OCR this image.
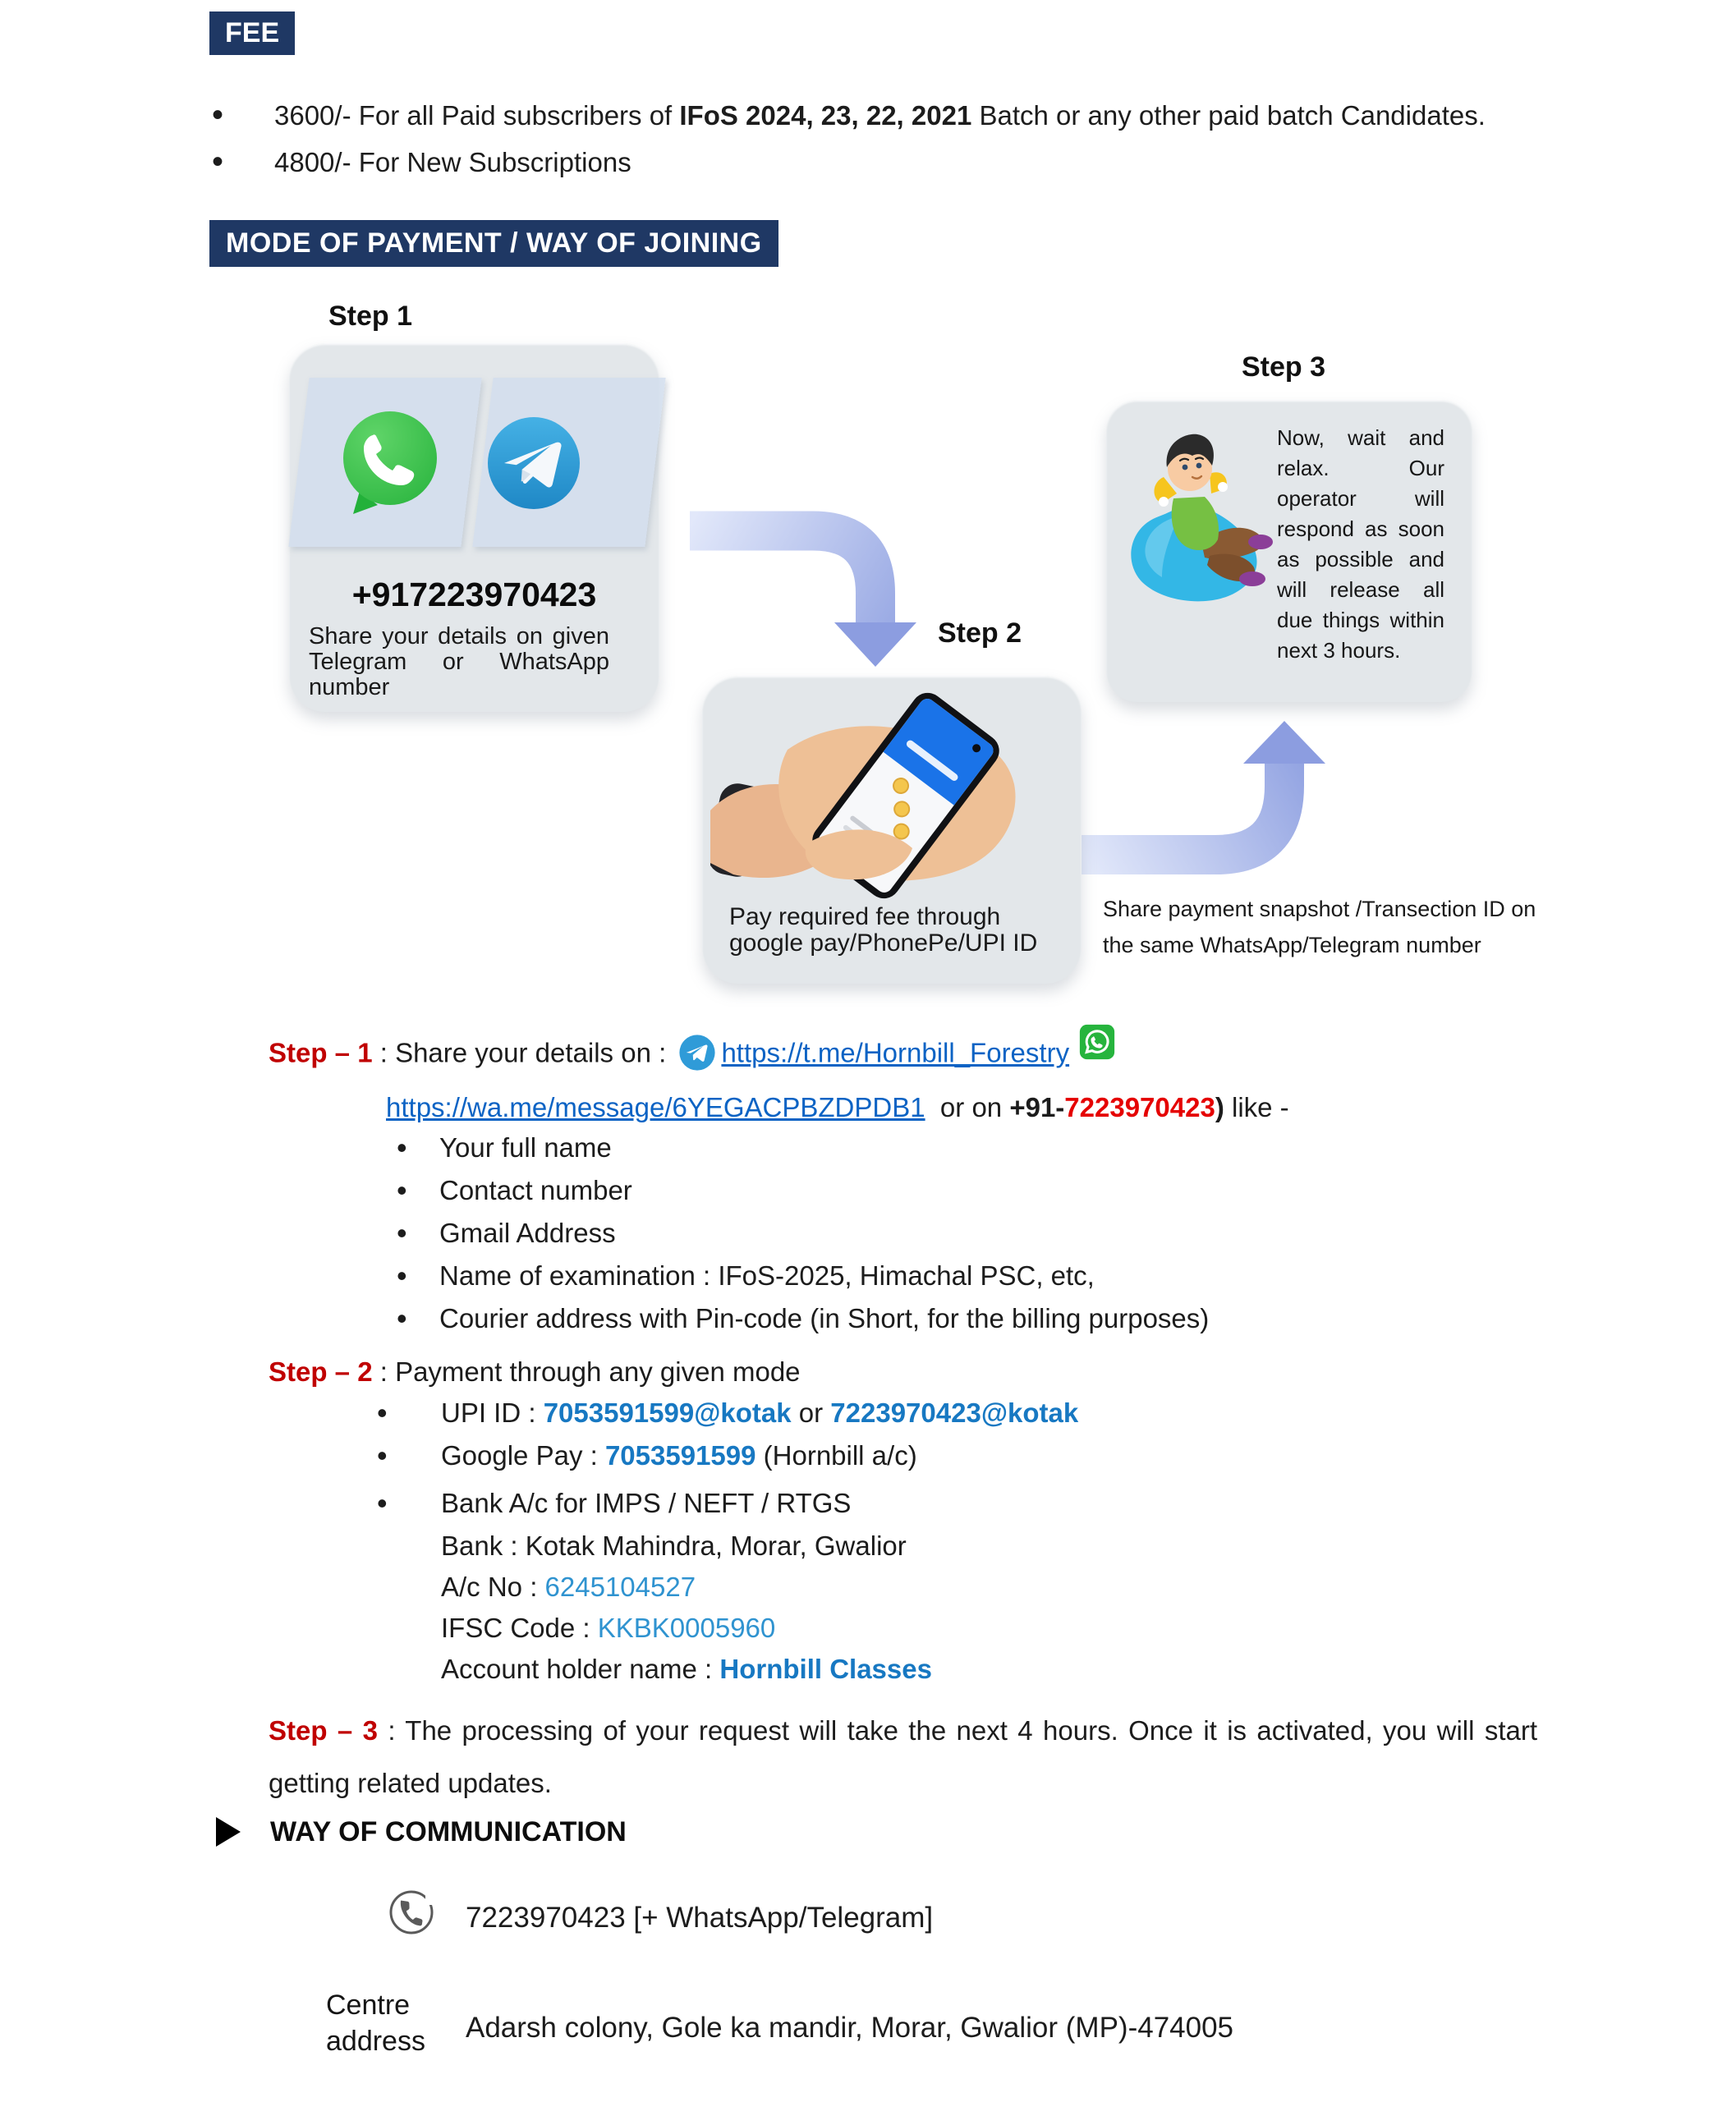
FEE
• 3600/- For all Paid subscribers of IFoS 2024, 23, 22, 2021 Batch or any other paid batch Candidates.
• 4800/- For New Subscriptions
MODE OF PAYMENT / WAY OF JOINING
Step 1
+917223970423
Share your details on given Telegram or WhatsApp number
Step 2
Pay required fee through google pay/PhonePe/UPI ID
Step 3
Now, wait and relax. Our operator will respond as soon as possible and will release all due things within next 3 hours.
Share payment snapshot /Transection ID on
the same WhatsApp/Telegram number
Step – 1 : Share your details on : https://t.me/Hornbill_Forestry
https://wa.me/message/6YEGACPBZDPDB1  or on +91-7223970423) like -
• Your full name
• Contact number
• Gmail Address
• Name of examination : IFoS-2025, Himachal PSC, etc,
• Courier address with Pin-code (in Short, for the billing purposes)
Step – 2 : Payment through any given mode
• UPI ID : 7053591599@kotak or 7223970423@kotak
• Google Pay : 7053591599 (Hornbill a/c)
• Bank A/c for IMPS / NEFT / RTGS
Bank : Kotak Mahindra, Morar, Gwalior
A/c No : 6245104527
IFSC Code : KKBK0005960
Account holder name : Hornbill Classes
Step – 3 : The processing of your request will take the next 4 hours. Once it is activated, you will start getting related updates.
WAY OF COMMUNICATION
7223970423 [+ WhatsApp/Telegram]
Centre
address Adarsh colony, Gole ka mandir, Morar, Gwalior (MP)-474005
